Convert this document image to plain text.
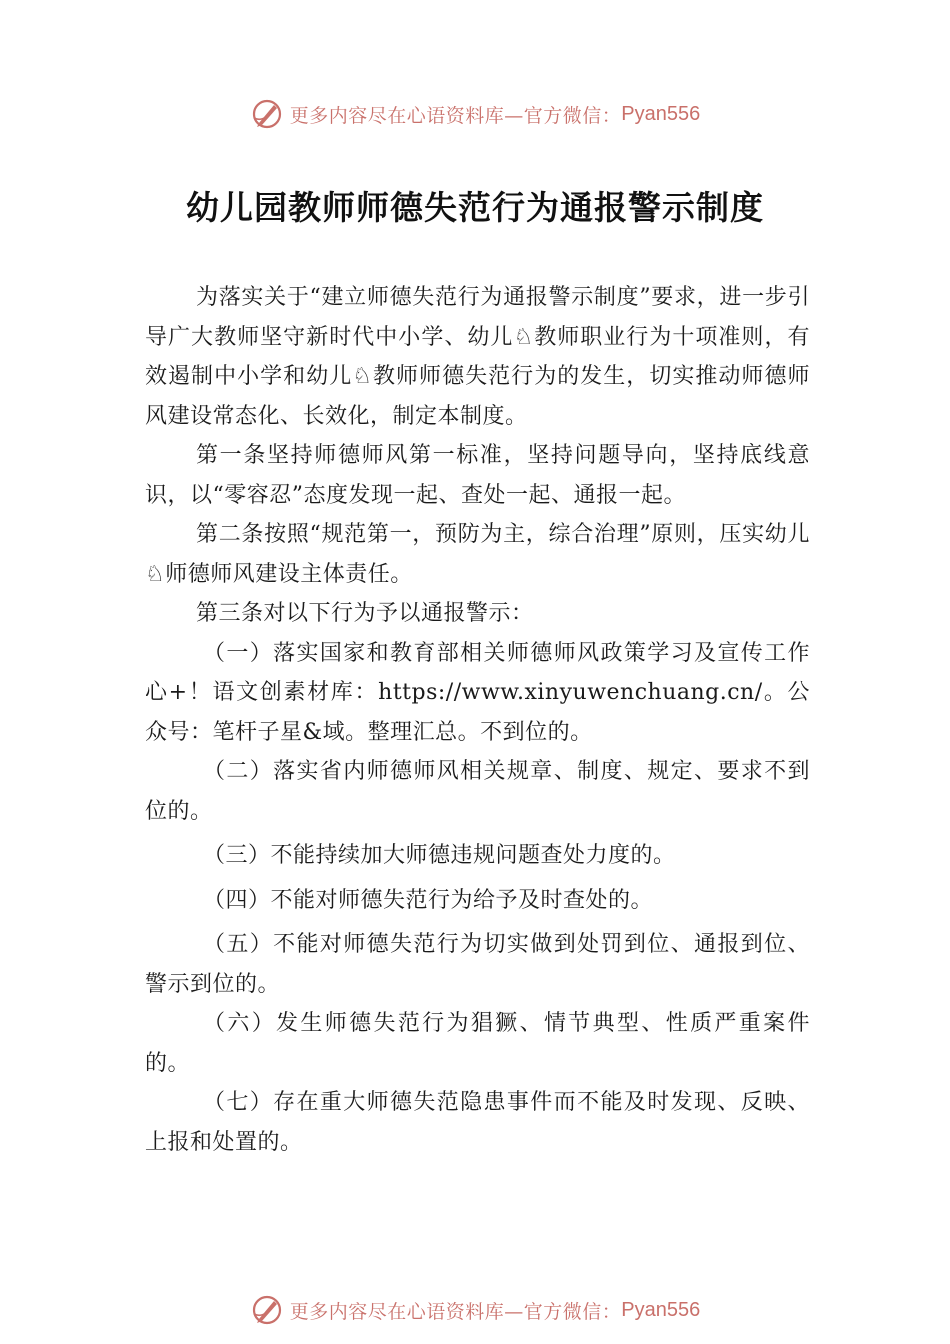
更多内容尽在心语资料库—官方微信： Pyan556
幼儿园教师师德失范行为通报警示制度

为落实关于“建立师德失范行为通报警示制度”要求，进一步引导广大教师坚守新时代中小学、幼儿♘教师职业行为十项准则，有效遏制中小学和幼儿♘教师师德失范行为的发生，切实推动师德师风建设常态化、长效化，制定本制度。

第一条坚持师德师风第一标准，坚持问题导向，坚持底线意识，以“零容忍”态度发现一起、查处一起、通报一起。

第二条按照“规范第一，预防为主，综合治理”原则，压实幼儿♘师德师风建设主体责任。

第三条对以下行为予以通报警示：

（一）落实国家和教育部相关师德师风政策学习及宣传工作心+！语文创素材库：https://www.xinyuwenchuang.cn/。公众号：笔杆子星&域。整理汇总。不到位的。

（二）落实省内师德师风相关规章、制度、规定、要求不到位的。

（三）不能持续加大师德违规问题查处力度的。

（四）不能对师德失范行为给予及时查处的。

（五）不能对师德失范行为切实做到处罚到位、通报到位、警示到位的。

（六）发生师德失范行为猖獗、情节典型、性质严重案件的。

（七）存在重大师德失范隐患事件而不能及时发现、反映、上报和处置的。

更多内容尽在心语资料库—官方微信： Pyan556
